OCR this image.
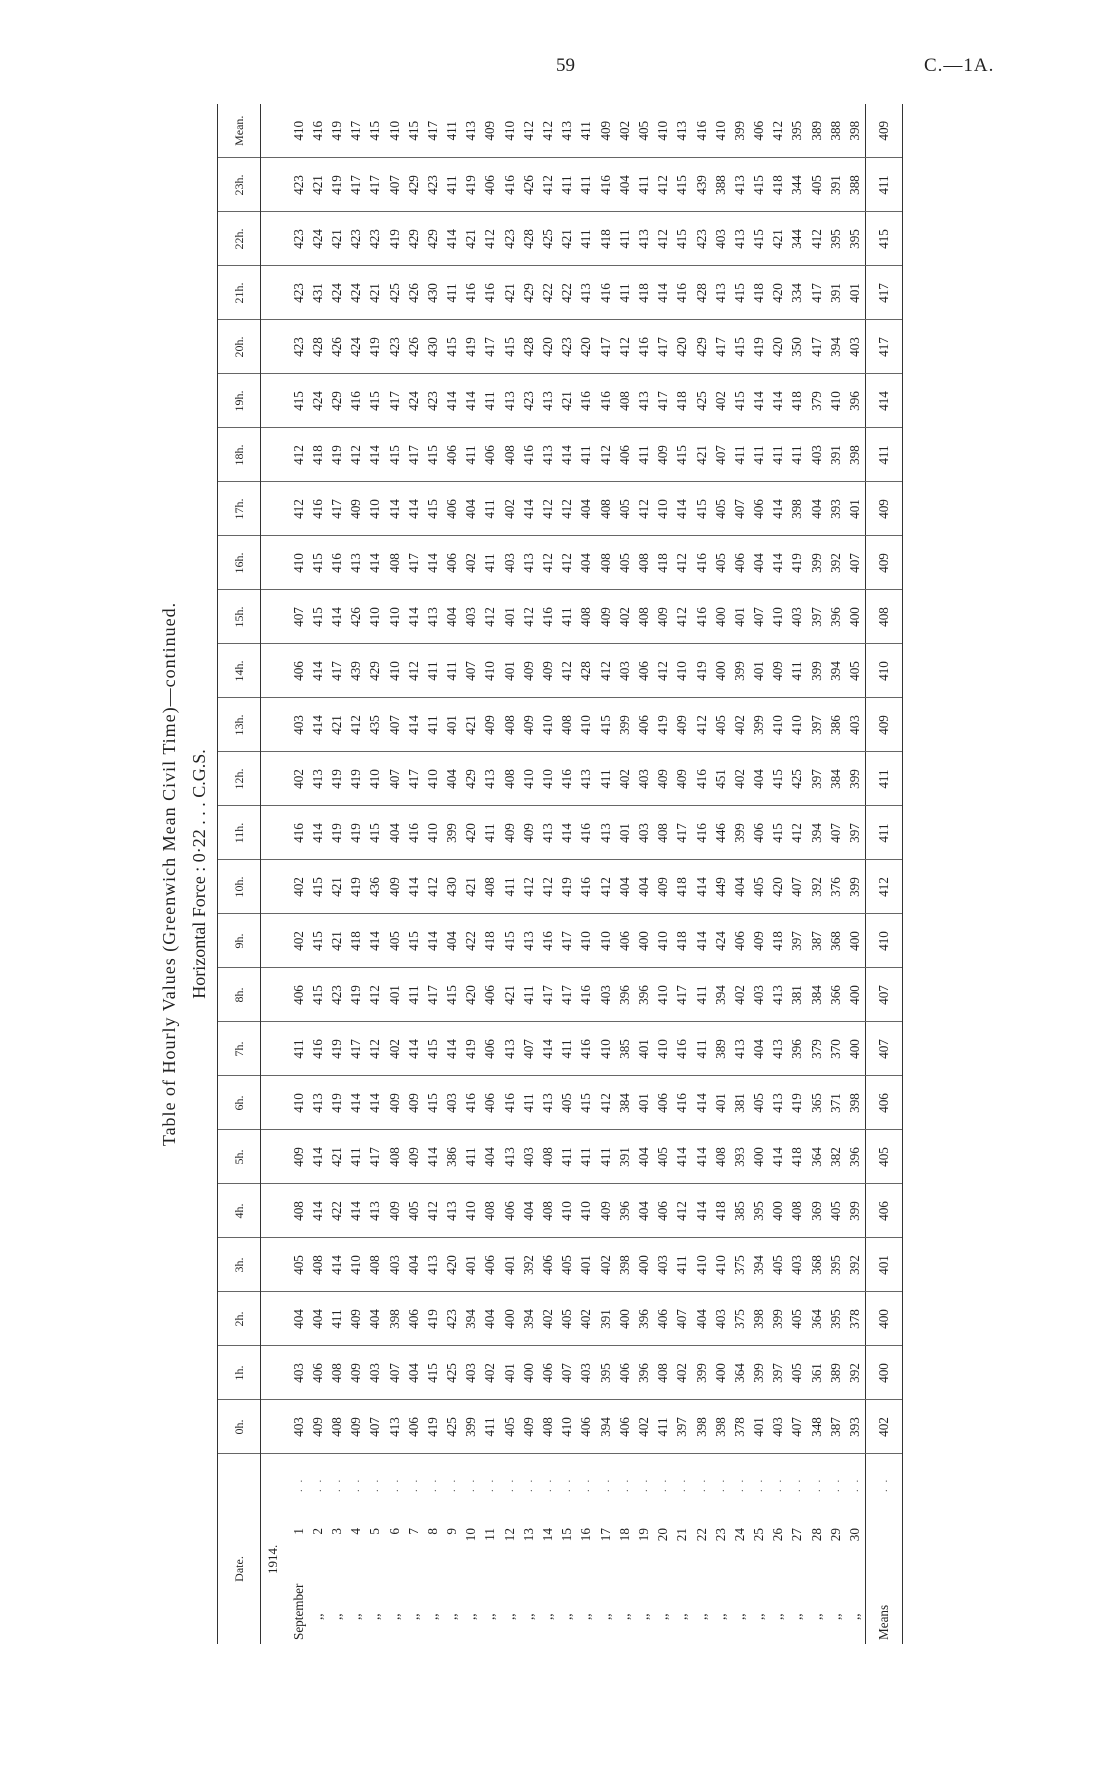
59	C.—1A.
Table of Hourly Values (Greenwich Mean Civil Time)—continued. Horizontal Force : 0·22 . . . C.G.S.
1914.
Date.		0h.	1h.	2h.	3h.	4h.	5h.	6h.	7h.	8h.	9h.	10h.	11h.	12h.	13h.	14h.	15h.	16h.	17h.	18h.	19h.	20h.	21h.	22h.	23h.	Mean.
September1	. .	403	403	404	405	408	409	410	411	406	402	402	416	402	403	406	407	410	412	412	415	423	423	423	423	410
,,2	. .	409	406	404	408	414	414	413	416	415	415	415	414	413	414	414	415	415	416	418	424	428	431	424	421	416
,,3	. .	408	408	411	414	422	421	419	419	423	421	421	419	419	421	417	414	416	417	419	429	426	424	421	419	419
,,4	. .	409	409	409	410	414	411	414	417	419	418	419	419	419	412	439	426	413	409	412	416	424	424	423	417	417
,,5	. .	407	403	404	408	413	417	414	412	412	414	436	415	410	435	429	410	414	410	414	415	419	421	423	417	415
,,6	. .	413	407	398	403	409	408	409	402	401	405	409	404	407	407	410	410	408	414	415	417	423	425	419	407	410
,,7	. .	406	404	406	404	405	409	409	414	411	415	414	416	417	414	412	414	417	414	417	424	426	426	429	429	415
,,8	. .	419	415	419	413	412	414	415	415	417	414	412	410	410	411	411	413	414	415	415	423	430	430	429	423	417
,,9	. .	425	425	423	420	413	386	403	414	415	404	430	399	404	401	411	404	406	406	406	414	415	411	414	411	411
,,10	. .	399	403	394	401	410	411	416	419	420	422	421	420	429	421	407	403	402	404	411	414	419	416	421	419	413
,,11	. .	411	402	404	406	408	404	406	406	406	418	408	411	413	409	410	412	411	411	406	411	417	416	412	406	409
,,12	. .	405	401	400	401	406	413	416	413	421	415	411	409	408	408	401	401	403	402	408	413	415	421	423	416	410
,,13	. .	409	400	394	392	404	403	411	407	411	413	412	409	410	409	409	412	413	414	416	423	428	429	428	426	412
,,14	. .	408	406	402	406	408	408	413	414	417	416	412	413	410	410	409	416	412	412	413	413	420	422	425	412	412
,,15	. .	410	407	405	405	410	411	405	411	417	417	419	414	416	408	412	411	412	412	414	421	423	422	421	411	413
,,16	. .	406	403	402	401	410	411	415	416	416	410	416	416	413	410	428	408	404	404	411	416	420	413	411	411	411
,,17	. .	394	395	391	402	409	411	412	410	403	410	412	413	411	415	412	409	408	408	412	416	417	416	418	416	409
,,18	. .	406	406	400	398	396	391	384	385	396	406	404	401	402	399	403	402	405	405	406	408	412	411	411	404	402
,,19	. .	402	396	396	400	404	404	401	401	396	400	404	403	403	406	406	408	408	412	411	413	416	418	413	411	405
,,20	. .	411	408	406	403	406	405	406	410	410	410	409	408	409	419	412	409	418	410	409	417	417	414	412	412	410
,,21	. .	397	402	407	411	412	414	416	416	417	418	418	417	409	409	410	412	412	414	415	418	420	416	415	415	413
,,22	. .	398	399	404	410	414	414	414	411	411	414	414	416	416	412	419	416	416	415	421	425	429	428	423	439	416
,,23	. .	398	400	403	410	418	408	401	389	394	424	449	446	451	405	400	400	405	405	407	402	417	413	403	388	410
,,24	. .	378	364	375	375	385	393	381	413	402	406	404	399	402	402	399	401	406	407	411	415	415	415	413	413	399
,,25	. .	401	399	398	394	395	400	405	404	403	409	405	406	404	399	401	407	404	406	411	414	419	418	415	415	406
,,26	. .	403	397	399	405	400	414	413	413	413	418	420	415	415	410	409	410	414	414	411	414	420	420	421	418	412
,,27	. .	407	405	405	403	408	418	419	396	381	397	407	412	425	410	411	403	419	398	411	418	350	334	344	344	395
,,28	. .	348	361	364	368	369	364	365	379	384	387	392	394	397	397	399	397	399	404	403	379	417	417	412	405	389
,,29	. .	387	389	395	395	405	382	371	370	366	368	376	407	384	386	394	396	392	393	391	410	394	391	395	391	388
,,30	. .	393	392	378	392	399	396	398	400	400	400	399	397	399	403	405	400	407	401	398	396	403	401	395	388	398
Means	. .	402	400	400	401	406	405	406	407	407	410	412	411	411	409	410	408	409	409	411	414	417	417	415	411	409
